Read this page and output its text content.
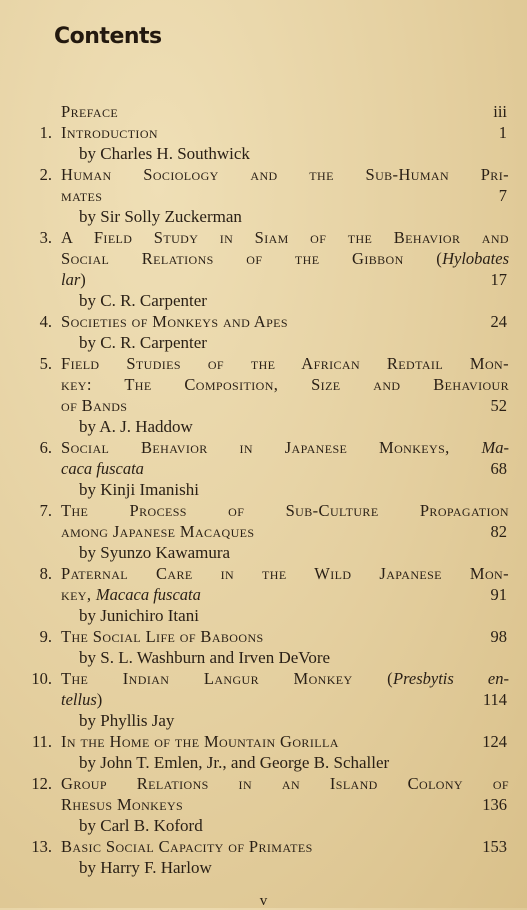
Contents
Preface	iii
1. Introduction	1
by Charles H. Southwick
2. Human Sociology and the Sub-Human Pri-
mates	7
by Sir Solly Zuckerman
3. A Field Study in Siam of the Behavior and
Social Relations of the Gibbon (Hylobates
lar)	17
by C. R. Carpenter
4. Societies of Monkeys and Apes	24
by C. R. Carpenter
5. Field Studies of the African Redtail Mon-
key: The Composition, Size and Behaviour
of Bands	52
by A. J. Haddow
6. Social Behavior in Japanese Monkeys, Ma-
caca fuscata	68
by Kinji Imanishi
7. The Process of Sub-Culture Propagation
among Japanese Macaques	82
by Syunzo Kawamura
8. Paternal Care in the Wild Japanese Mon-
key, Macaca fuscata	91
by Junichiro Itani
9. The Social Life of Baboons	98
by S. L. Washburn and Irven DeVore
10. The Indian Langur Monkey (Presbytis en-
tellus)	114
by Phyllis Jay
11. In the Home of the Mountain Gorilla	124
by John T. Emlen, Jr., and George B. Schaller
12. Group Relations in an Island Colony of
Rhesus Monkeys	136
by Carl B. Koford
13. Basic Social Capacity of Primates	153
by Harry F. Harlow
v
